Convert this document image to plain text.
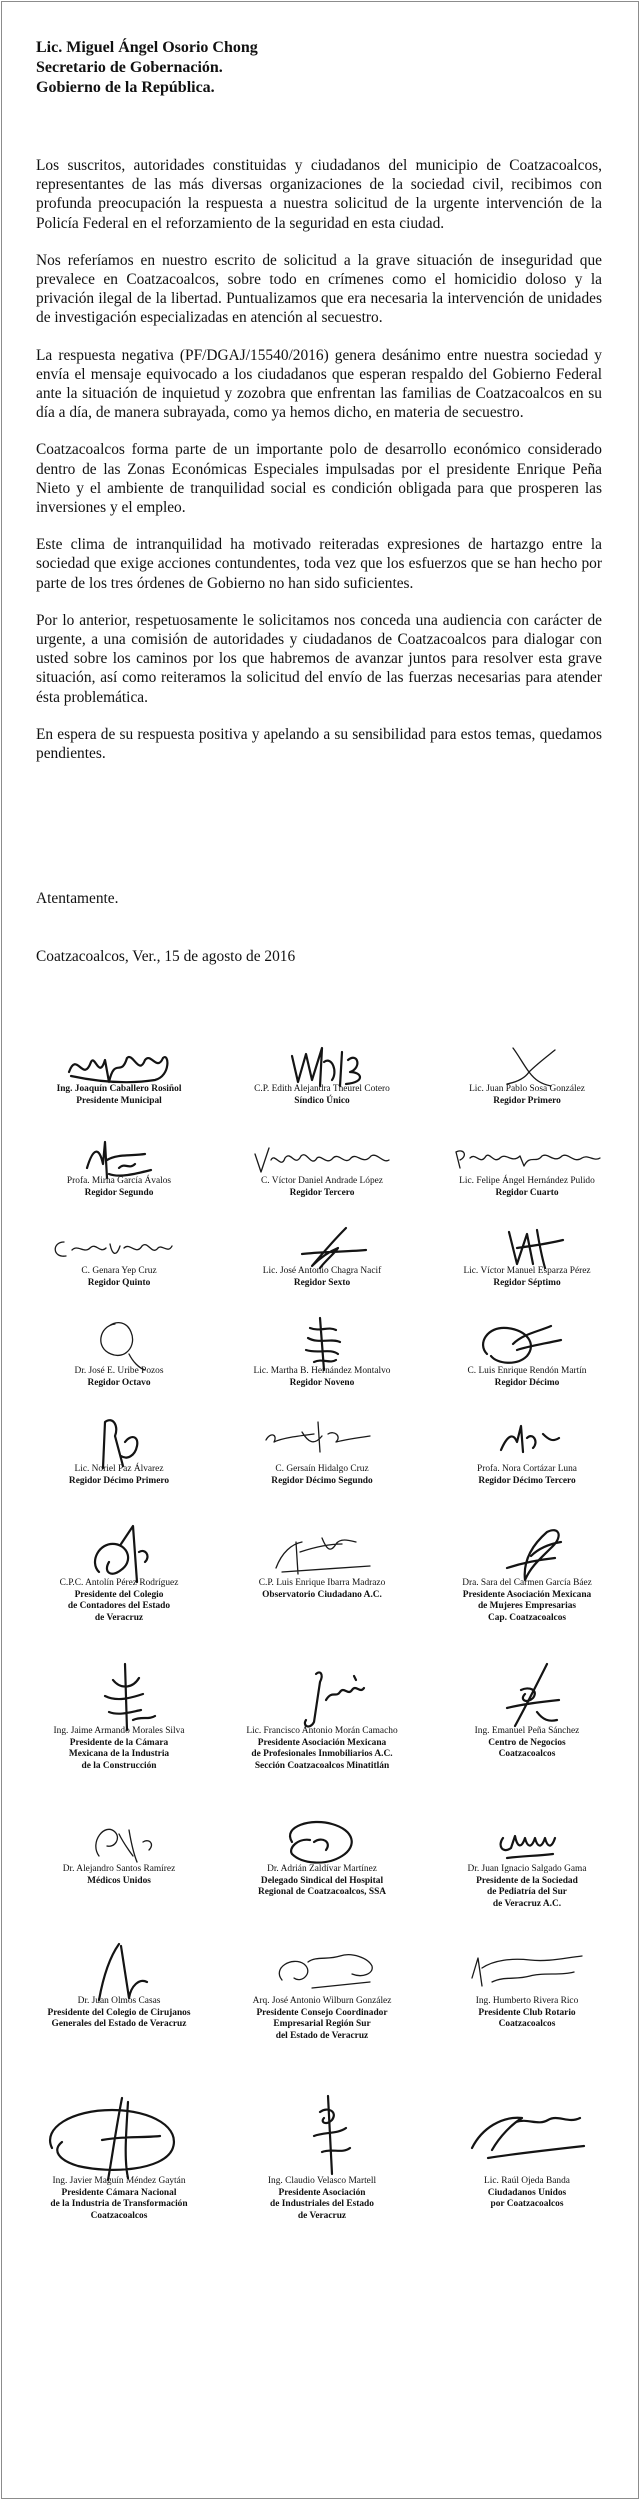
Lic. Miguel Ángel Osorio Chong
Secretario de Gobernación.
Gobierno de la República.

Los suscritos, autoridades constituidas y ciudadanos del municipio de Coatzacoalcos, representantes de las más diversas organizaciones de la sociedad civil, recibimos con profunda preocupación la respuesta a nuestra solicitud de la urgente intervención de la Policía Federal en el reforzamiento de la seguridad en esta ciudad.

Nos referíamos en nuestro escrito de solicitud a la grave situación de inseguridad que prevalece en Coatzacoalcos, sobre todo en crímenes como el homicidio doloso y la privación ilegal de la libertad. Puntualizamos que era necesaria la intervención de unidades de investigación especializadas en atención al secuestro.

La respuesta negativa (PF/DGAJ/15540/2016) genera desánimo entre nuestra sociedad y envía el mensaje equivocado a los ciudadanos que esperan respaldo del Gobierno Federal ante la situación de inquietud y zozobra que enfrentan las familias de Coatzacoalcos en su día a día, de manera subrayada, como ya hemos dicho, en materia de secuestro.

Coatzacoalcos forma parte de un importante polo de desarrollo económico considerado dentro de las Zonas Económicas Especiales impulsadas por el presidente Enrique Peña Nieto y el ambiente de tranquilidad social es condición obligada para que prosperen las inversiones y el empleo.

Este clima de intranquilidad ha motivado reiteradas expresiones de hartazgo entre la sociedad que exige acciones contundentes, toda vez que los esfuerzos que se han hecho por parte de los tres órdenes de Gobierno no han sido suficientes.

Por lo anterior, respetuosamente le solicitamos nos conceda una audiencia con carácter de urgente, a una comisión de autoridades y ciudadanos de Coatzacoalcos para dialogar con usted sobre los caminos por los que habremos de avanzar juntos para resolver esta grave situación, así como reiteramos la solicitud del envío de las fuerzas necesarias para atender ésta problemática.

En espera de su respuesta positiva y apelando a su sensibilidad para estos temas, quedamos pendientes.

Atentamente.
Coatzacoalcos, Ver., 15 de agosto de 2016
Ing. Joaquín Caballero Rosiñol
Presidente Municipal
C.P. Edith Alejandra Theurel Cotero
Síndico Único
Lic. Juan Pablo Sosa González
Regidor Primero
Profa. Mirna García Ávalos
Regidor Segundo
C. Víctor Daniel Andrade López
Regidor Tercero
Lic. Felipe Ángel Hernández Pulido
Regidor Cuarto
C. Genara Yep Cruz
Regidor Quinto
Lic. José Antonio Chagra Nacif
Regidor Sexto
Lic. Víctor Manuel Esparza Pérez
Regidor Séptimo
Dr. José E. Uribe Pozos
Regidor Octavo
Lic. Martha B. Hernández Montalvo
Regidor Noveno
C. Luis Enrique Rendón Martín
Regidor Décimo
Lic. Noriel Paz Álvarez
Regidor Décimo Primero
C. Gersaín Hidalgo Cruz
Regidor Décimo Segundo
Profa. Nora Cortázar Luna
Regidor Décimo Tercero
C.P.C. Antolín Pérez Rodríguez
Presidente del Colegio
de Contadores del Estado
de Veracruz
C.P. Luis Enrique Ibarra Madrazo
Observatorio Ciudadano A.C.
Dra. Sara del Carmen García Báez
Presidente Asociación Mexicana
de Mujeres Empresarias
Cap. Coatzacoalcos
Ing. Jaime Armando Morales Silva
Presidente de la Cámara
Mexicana de la Industria
de la Construcción
Lic. Francisco Antonio Morán Camacho
Presidente Asociación Mexicana
de Profesionales Inmobiliarios A.C.
Sección Coatzacoalcos Minatitlán
Ing. Emanuel Peña Sánchez
Centro de Negocios
Coatzacoalcos
Dr. Alejandro Santos Ramírez
Médicos Unidos
Dr. Adrián Zaldívar Martínez
Delegado Sindical del Hospital
Regional de Coatzacoalcos, SSA
Dr. Juan Ignacio Salgado Gama
Presidente de la Sociedad
de Pediatría del Sur
de Veracruz A.C.
Dr. Juan Olmos Casas
Presidente del Colegio de Cirujanos
Generales del Estado de Veracruz
Arq. José Antonio Wilburn González
Presidente Consejo Coordinador
Empresarial Región Sur
del Estado de Veracruz
Ing. Humberto Rivera Rico
Presidente Club Rotario
Coatzacoalcos
Ing. Javier Maguín Méndez Gaytán
Presidente Cámara Nacional
de la Industria de Transformación
Coatzacoalcos
Ing. Claudio Velasco Martell
Presidente Asociación
de Industriales del Estado
de Veracruz
Lic. Raúl Ojeda Banda
Ciudadanos Unidos
por Coatzacoalcos
